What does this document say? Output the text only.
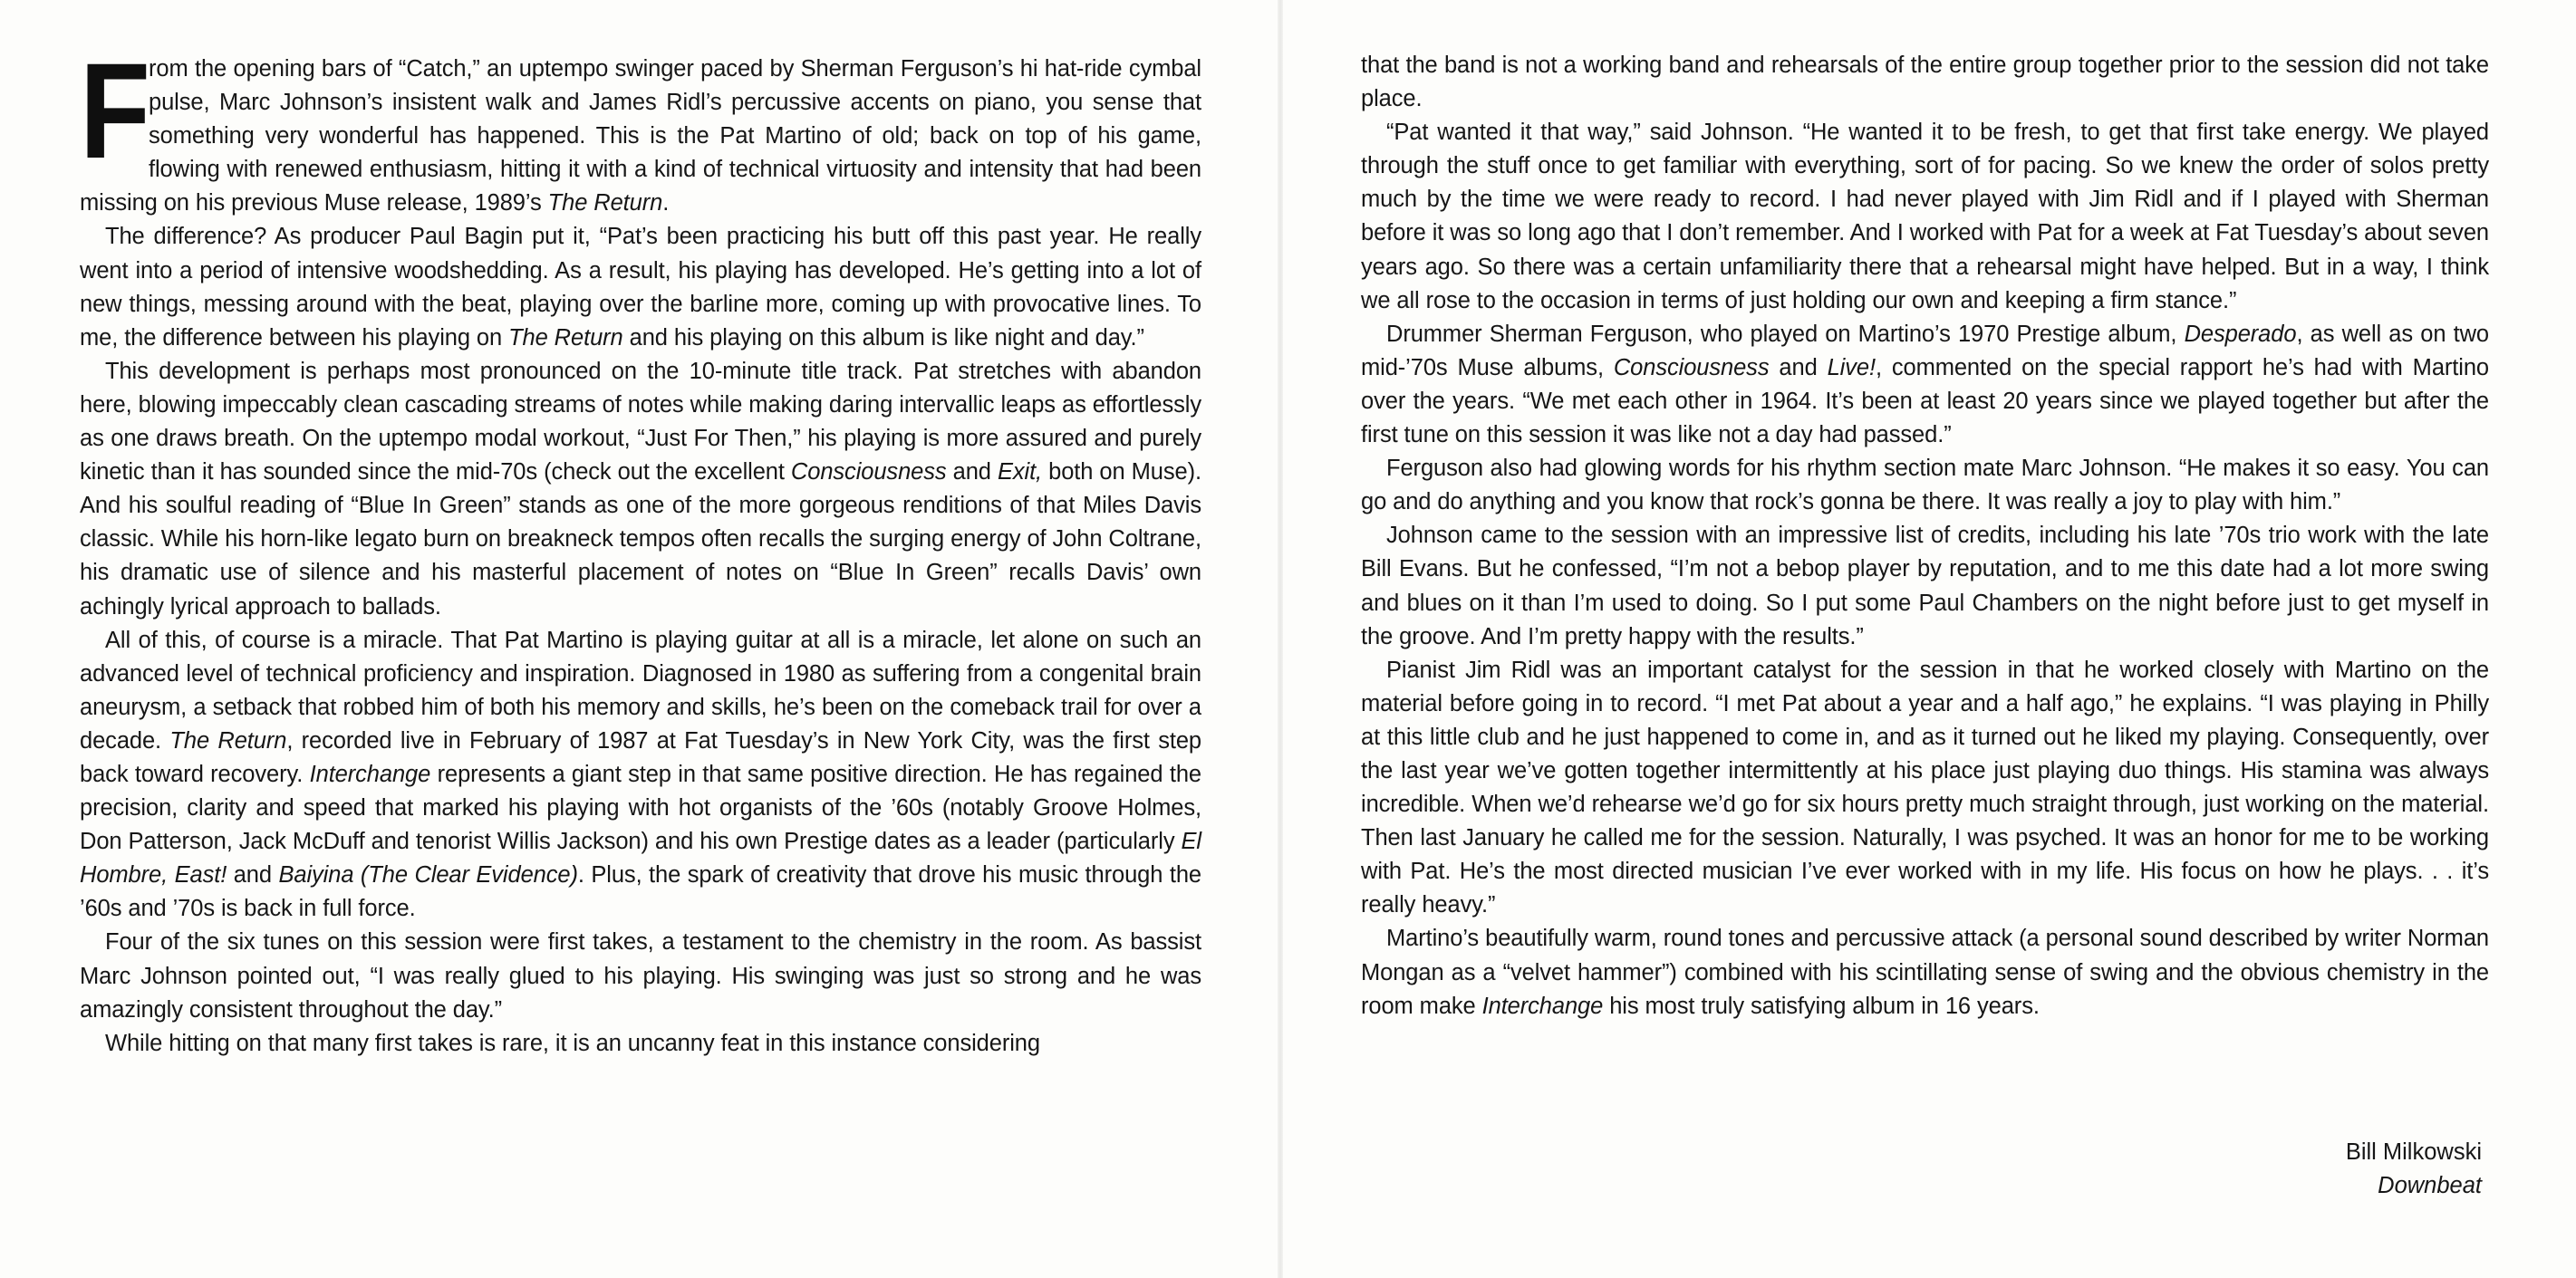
F
rom the opening bars of “Catch,” an uptempo swinger paced by Sherman Ferguson’s hi hat-ride cymbal pulse, Marc Johnson’s insistent walk and James Ridl’s percussive accents on piano, you sense that something very wonderful has happened. This is the Pat Martino of old; back on top of his game, flowing with renewed enthusiasm, hitting it with a kind of technical virtuosity and intensity that had been missing on his previous Muse release, 1989’s The Return.

The difference? As producer Paul Bagin put it, “Pat’s been practicing his butt off this past year. He really went into a period of intensive woodshedding. As a result, his playing has developed. He’s getting into a lot of new things, messing around with the beat, playing over the barline more, coming up with provocative lines. To me, the difference between his playing on The Return and his playing on this album is like night and day.”

This development is perhaps most pronounced on the 10-minute title track. Pat stretches with abandon here, blowing impeccably clean cascading streams of notes while making daring intervallic leaps as effortlessly as one draws breath. On the uptempo modal workout, “Just For Then,” his playing is more assured and purely kinetic than it has sounded since the mid-70s (check out the excellent Consciousness and Exit, both on Muse). And his soulful reading of “Blue In Green” stands as one of the more gorgeous renditions of that Miles Davis classic. While his horn-like legato burn on breakneck tempos often recalls the surging energy of John Coltrane, his dramatic use of silence and his masterful placement of notes on “Blue In Green” recalls Davis’ own achingly lyrical approach to ballads.

All of this, of course is a miracle. That Pat Martino is playing guitar at all is a miracle, let alone on such an advanced level of technical proficiency and inspiration. Diagnosed in 1980 as suffering from a congenital brain aneurysm, a setback that robbed him of both his memory and skills, he’s been on the comeback trail for over a decade. The Return, recorded live in February of 1987 at Fat Tuesday’s in New York City, was the first step back toward recovery. Interchange represents a giant step in that same positive direction. He has regained the precision, clarity and speed that marked his playing with hot organists of the ’60s (notably Groove Holmes, Don Patterson, Jack McDuff and tenorist Willis Jackson) and his own Prestige dates as a leader (particularly El Hombre, East! and Baiyina (The Clear Evidence). Plus, the spark of creativity that drove his music through the ’60s and ’70s is back in full force.

Four of the six tunes on this session were first takes, a testament to the chemistry in the room. As bassist Marc Johnson pointed out, “I was really glued to his playing. His swinging was just so strong and he was amazingly consistent throughout the day.”

While hitting on that many first takes is rare, it is an uncanny feat in this instance considering

that the band is not a working band and rehearsals of the entire group together prior to the session did not take place.

“Pat wanted it that way,” said Johnson. “He wanted it to be fresh, to get that first take energy. We played through the stuff once to get familiar with everything, sort of for pacing. So we knew the order of solos pretty much by the time we were ready to record. I had never played with Jim Ridl and if I played with Sherman before it was so long ago that I don’t remember. And I worked with Pat for a week at Fat Tuesday’s about seven years ago. So there was a certain unfamiliarity there that a rehearsal might have helped. But in a way, I think we all rose to the occasion in terms of just holding our own and keeping a firm stance.”

Drummer Sherman Ferguson, who played on Martino’s 1970 Prestige album, Desperado, as well as on two mid-’70s Muse albums, Consciousness and Live!, commented on the special rapport he’s had with Martino over the years. “We met each other in 1964. It’s been at least 20 years since we played together but after the first tune on this session it was like not a day had passed.”

Ferguson also had glowing words for his rhythm section mate Marc Johnson. “He makes it so easy. You can go and do anything and you know that rock’s gonna be there. It was really a joy to play with him.”

Johnson came to the session with an impressive list of credits, including his late ’70s trio work with the late Bill Evans. But he confessed, “I’m not a bebop player by reputation, and to me this date had a lot more swing and blues on it than I’m used to doing. So I put some Paul Chambers on the night before just to get myself in the groove. And I’m pretty happy with the results.”

Pianist Jim Ridl was an important catalyst for the session in that he worked closely with Martino on the material before going in to record. “I met Pat about a year and a half ago,” he explains. “I was playing in Philly at this little club and he just happened to come in, and as it turned out he liked my playing. Consequently, over the last year we’ve gotten together intermittently at his place just playing duo things. His stamina was always incredible. When we’d rehearse we’d go for six hours pretty much straight through, just working on the material. Then last January he called me for the session. Naturally, I was psyched. It was an honor for me to be working with Pat. He’s the most directed musician I’ve ever worked with in my life. His focus on how he plays. . . it’s really heavy.”

Martino’s beautifully warm, round tones and percussive attack (a personal sound described by writer Norman Mongan as a “velvet hammer”) combined with his scintillating sense of swing and the obvious chemistry in the room make Interchange his most truly satisfying album in 16 years.

Bill Milkowski
Downbeat
